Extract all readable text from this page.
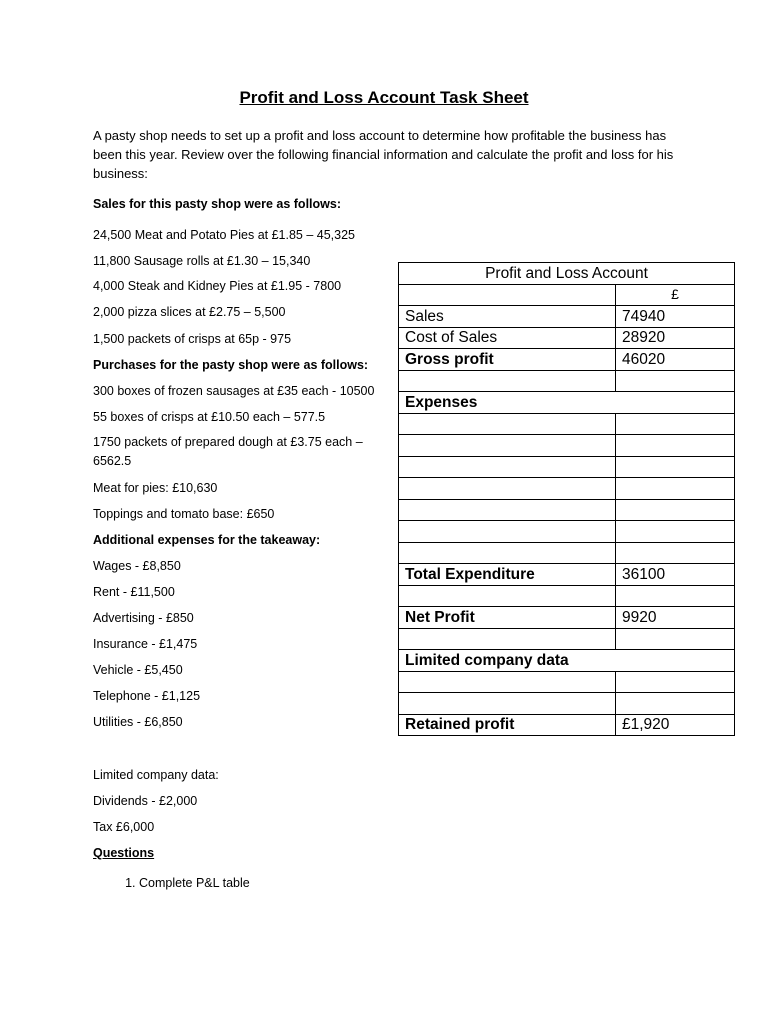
Profit and Loss Account Task Sheet
A pasty shop needs to set up a profit and loss account to determine how profitable the business has been this year. Review over the following financial information and calculate the profit and loss for his business:
Sales for this pasty shop were as follows:
24,500 Meat and Potato Pies at £1.85 – 45,325
11,800 Sausage rolls at £1.30 – 15,340
4,000 Steak and Kidney Pies at £1.95 - 7800
2,000 pizza slices at £2.75 – 5,500
1,500 packets of crisps at 65p - 975
Purchases for the pasty shop were as follows:
300 boxes of frozen sausages at £35 each - 10500
55 boxes of crisps at £10.50 each – 577.5
1750 packets of prepared dough at £3.75 each – 6562.5
Meat for pies: £10,630
Toppings and tomato base: £650
Additional expenses for the takeaway:
Wages - £8,850
Rent - £11,500
Advertising - £850
Insurance - £1,475
Vehicle - £5,450
Telephone - £1,125
Utilities - £6,850
Limited company data:
Dividends - £2,000
Tax £6,000
Questions
1. Complete P&L table
Profit and Loss Account	
	£
Sales	74940
Cost of Sales	28920
Gross profit	46020

Expenses	

Total Expenditure	36100

Net Profit	9920

Limited company data	

Retained profit	£1,920
